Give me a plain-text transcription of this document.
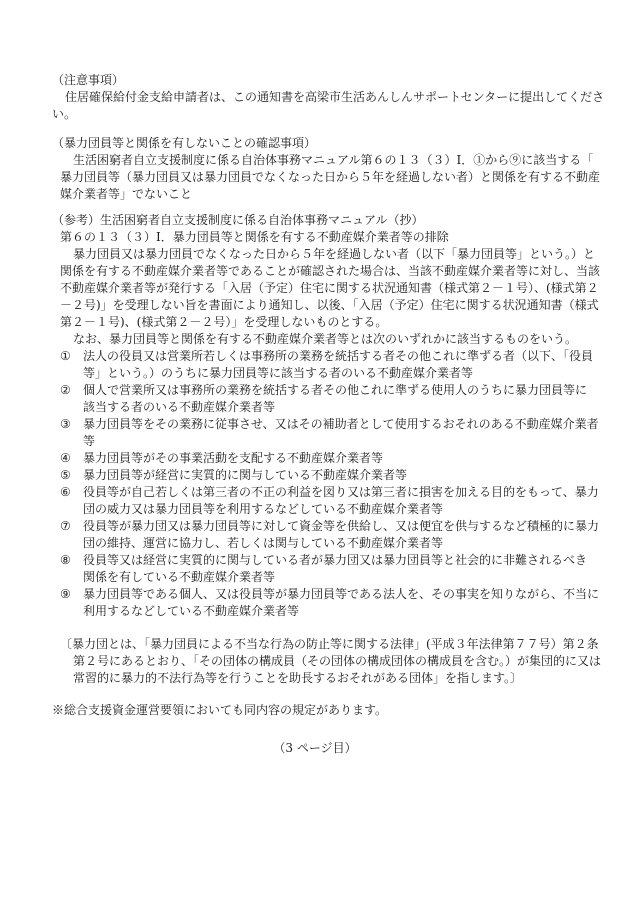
（注意事項）
住居確保給付金支給申請者は、この通知書を高梁市生活あんしんサポートセンターに提出してくださ
い。
（暴力団員等と関係を有しないことの確認事項）
生活困窮者自立支援制度に係る自治体事務マニュアル第６の１３（３）Ⅰ．①から⑨に該当する「
暴力団員等（暴力団員又は暴力団員でなくなった日から５年を経過しない者）と関係を有する不動産
媒介業者等」でないこと
（参考）生活困窮者自立支援制度に係る自治体事務マニュアル（抄）
第６の１３（３）Ⅰ．暴力団員等と関係を有する不動産媒介業者等の排除
暴力団員又は暴力団員でなくなった日から５年を経過しない者（以下「暴力団員等」という。）と
関係を有する不動産媒介業者等であることが確認された場合は、当該不動産媒介業者等に対し、当該
不動産媒介業者等が発行する「入居（予定）住宅に関する状況通知書（様式第２－１号）、(様式第２
－２号)」を受理しない旨を書面により通知し、以後、「入居（予定）住宅に関する状況通知書（様式
第２－１号)、(様式第２－２号）」を受理しないものとする。
なお、暴力団員等と関係を有する不動産媒介業者等とは次のいずれかに該当するものをいう。
① 法人の役員又は営業所若しくは事務所の業務を統括する者その他これに準ずる者（以下、「役員
等」という。）のうちに暴力団員等に該当する者のいる不動産媒介業者等
② 個人で営業所又は事務所の業務を統括する者その他これに準ずる使用人のうちに暴力団員等に
該当する者のいる不動産媒介業者等
③ 暴力団員等をその業務に従事させ、又はその補助者として使用するおそれのある不動産媒介業者
等
④ 暴力団員等がその事業活動を支配する不動産媒介業者等
⑤ 暴力団員等が経営に実質的に関与している不動産媒介業者等
⑥ 役員等が自己若しくは第三者の不正の利益を図り又は第三者に損害を加える目的をもって、暴力
団の威力又は暴力団員等を利用するなどしている不動産媒介業者等
⑦ 役員等が暴力団又は暴力団員等に対して資金等を供給し、又は便宜を供与するなど積極的に暴力
団の維持、運営に協力し、若しくは関与している不動産媒介業者等
⑧ 役員等又は経営に実質的に関与している者が暴力団又は暴力団員等と社会的に非難されるべき
関係を有している不動産媒介業者等
⑨ 暴力団員等である個人、又は役員等が暴力団員等である法人を、その事実を知りながら、不当に
利用するなどしている不動産媒介業者等
〔暴力団とは、「暴力団員による不当な行為の防止等に関する法律」(平成３年法律第７７号）第２条
第２号にあるとおり、「その団体の構成員（その団体の構成団体の構成員を含む。）が集団的に又は
常習的に暴力的不法行為等を行うことを助長するおそれがある団体」を指します。〕
※総合支援資金運営要領においても同内容の規定があります。
（3 ページ目）
